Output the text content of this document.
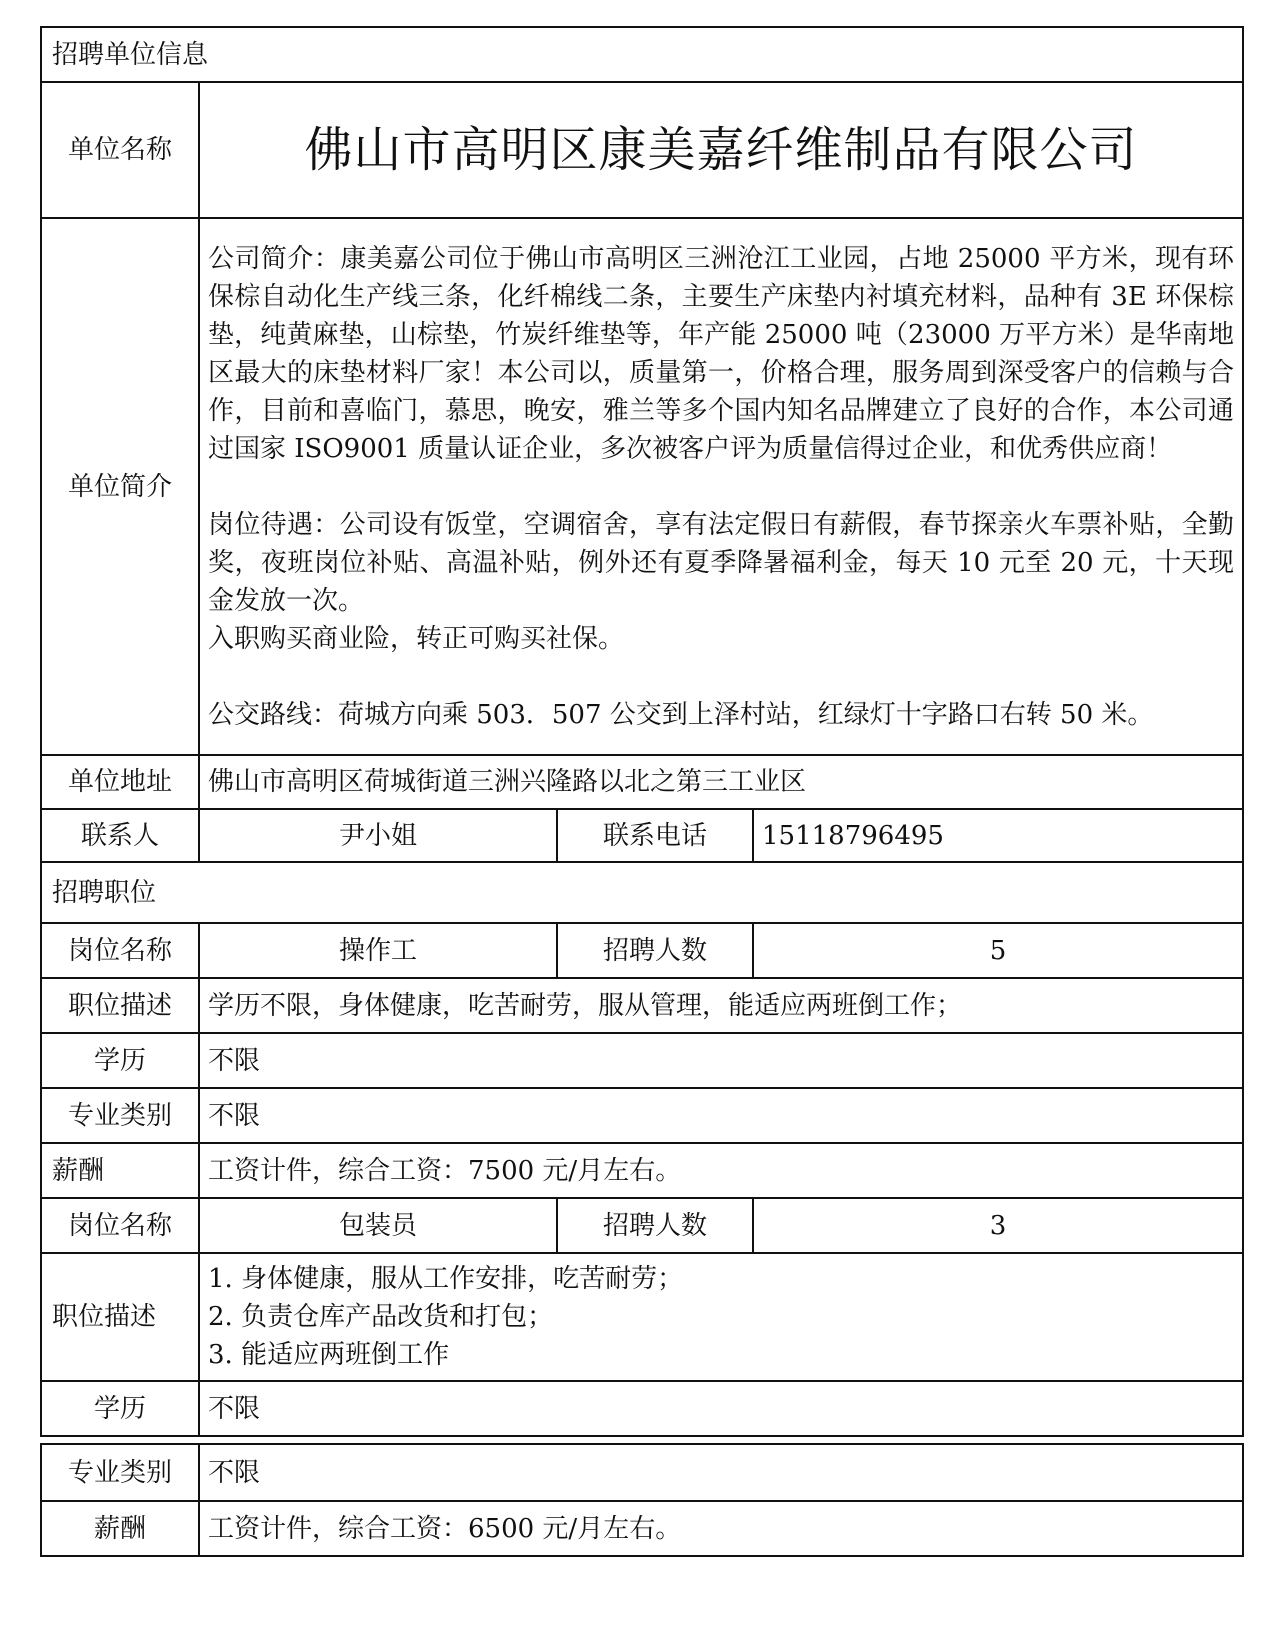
招聘单位信息			
单位名称	佛山市高明区康美嘉纤维制品有限公司		
单位简介	公司简介：康美嘉公司位于佛山市高明区三洲沧江工业园，占地 25000 平方米，现有环保棕自动化生产线三条，化纤棉线二条，主要生产床垫内衬填充材料，品种有 3E 环保棕垫，纯黄麻垫，山棕垫，竹炭纤维垫等，年产能 25000 吨（23000 万平方米）是华南地区最大的床垫材料厂家！本公司以，质量第一，价格合理，服务周到深受客户的信赖与合作，目前和喜临门，慕思，晚安，雅兰等多个国内知名品牌建立了良好的合作，本公司通过国家 ISO9001 质量认证企业，多次被客户评为质量信得过企业，和优秀供应商！

岗位待遇：公司设有饭堂，空调宿舍，享有法定假日有薪假，春节探亲火车票补贴，全勤奖，夜班岗位补贴、高温补贴，例外还有夏季降暑福利金，每天 10 元至 20 元，十天现金发放一次。

入职购买商业险，转正可购买社保。

公交路线：荷城方向乘 503．507 公交到上泽村站，红绿灯十字路口右转 50 米。		

单位地址	佛山市高明区荷城街道三洲兴隆路以北之第三工业区		
联系人	尹小姐	联系电话	15118796495
招聘职位			
岗位名称	操作工	招聘人数	5
职位描述	学历不限，身体健康，吃苦耐劳，服从管理，能适应两班倒工作；		
学历	不限		
专业类别	不限		
薪酬	工资计件，综合工资：7500 元/月左右。		
岗位名称	包装员	招聘人数	3
职位描述	1. 身体健康，服从工作安排，吃苦耐劳；
2. 负责仓库产品改货和打包；
3. 能适应两班倒工作		

学历	不限		
专业类别	不限
薪酬	工资计件，综合工资：6500 元/月左右。
